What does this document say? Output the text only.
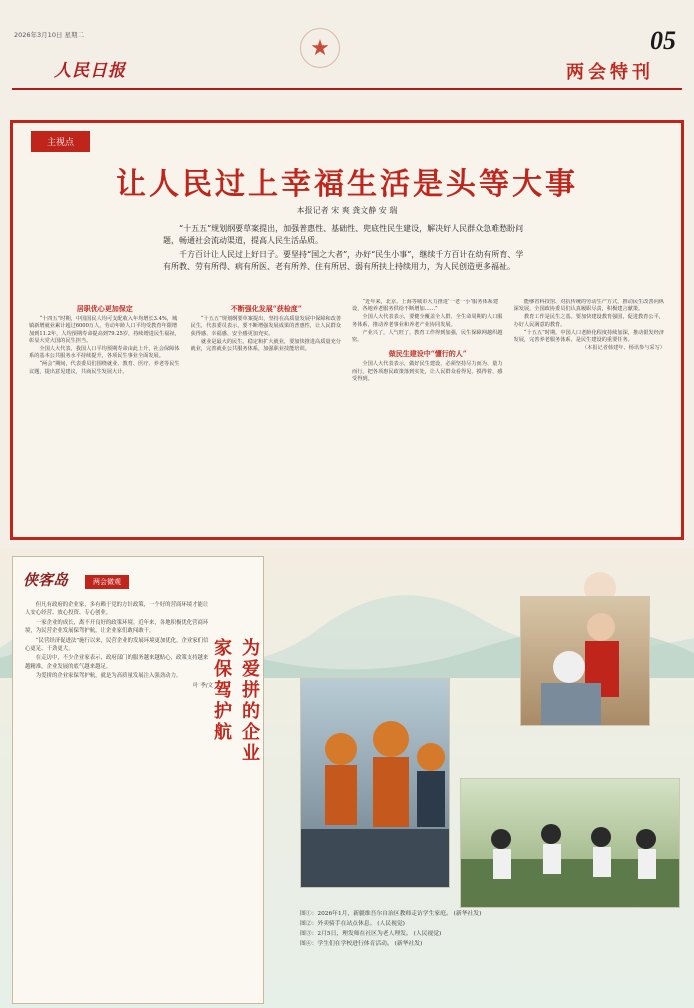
2026年3月10日 星期二
★
人民日报	两会特刊
05
主视点
让人民过上幸福生活是头等大事
本报记者 宋 爽 龚文静 安 瑞

“十五五”规划纲要草案提出，加强普惠性、基础性、兜底性民生建设，解决好人民群众急难愁盼问题，畅通社会流动渠道，提高人民生活品质。

千方百计让人民过上好日子。要坚持“国之大者”，办好“民生小事”，继续千方百计在幼有所育、学有所教、劳有所得、病有所医、老有所养、住有所居、弱有所扶上持续用力，为人民创造更多福祉。

居职优心更加保定

“十四五”时期，中国国民人均可支配收入年均增长3.4%，城镇新增就业累计超过6000万人，劳动年龄人口平均受教育年限增加到11.2年，人均预期寿命提高到79.25岁，持续增进民生福祉，彰显大党大国的民生担当。

全国人大代表、我国人口平均预期寿命由此上升，社会保障体系的基本公共服务水平持续提升，各项民生事业全面发展。

“两会”期间，代表委员们围绕就业、教育、医疗、养老等民生议题，提出意见建议，共商民生发展大计。

不断强化发展“获检度”

“十五五”规划纲要草案提出，坚持在高质量发展中保障和改善民生，代表委员表示，要不断增强发展成果的普惠性，让人民群众获得感、幸福感、安全感更加充实。

就业是最大的民生。稳定和扩大就业，要加快推进高质量充分就业，完善就业公共服务体系，加强职业技能培训。

“近年来，北京、上海等城市大力推进‘一老一小’服务体系建设，各地养老服务供给不断增加……”

全国人大代表表示，要健全覆盖全人群、全生命周期的人口服务体系，推动养老事业和养老产业协同发展。

产业兴了，人气旺了，教育工作得到加强，民生保障网越织越密。

做民生建设中“懂行的人”

全国人大代表表示，做好民生建设，必须坚持尽力而为、量力而行，把各项惠民政策落到实处，让人民群众看得见、摸得着、感受得到。

能够省科技馆、对抗传统的劳动生产方式，推动民生改善向纵深发展，全国政协委员们认真履职尽责，积极建言献策。

教育工作是民生之基。要加快建设教育强国，促进教育公平，办好人民满意的教育。

“十五五”时期，中国人口老龄化程度持续加深，推动银发经济发展，完善养老服务体系，是民生建设的重要任务。

（本报记者韩建年、杨讯参与采写）
侠客岛	两会微观

但凡有政府的企业家，多有赖于党的方针政策，一个好的营商环境才能让人安心经营、放心投资、专心创业。

一家企业的成长，离不开良好的政策环境。近年来，各地积极优化营商环境，为民营企业发展保驾护航，让企业家们敢闯敢干。

“民营经济促进法”施行以来，民营企业的发展环境更加优化，企业家们信心更足、干劲更大。

在走访中，不少企业家表示，政府部门的服务越来越贴心，政策支持越来越精准，企业发展的底气越来越足。

为爱拼的企业家保驾护航，就是为高质量发展注入强劲动力。

叶 季/文 为爱拼的企业
家保驾护航

图①：2026年1月，新疆维吾尔自治区教师走访学生家庭。 (新华社发)

图②：外卖骑手在站点休息。 (人民视觉)

图③：2月5日，理发师在社区为老人理发。 (人民视觉)

图④：学生们在学校进行体育活动。 (新华社发)
